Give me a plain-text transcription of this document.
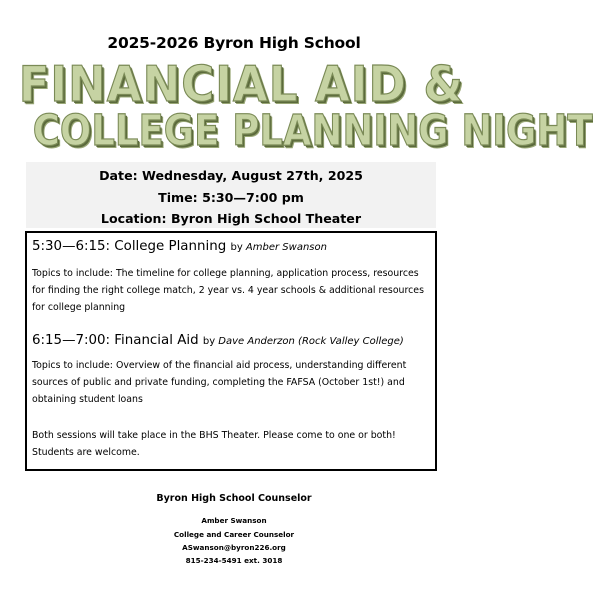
2025-2026 Byron High School
FINANCIAL AID &
COLLEGE PLANNING NIGHT
Date: Wednesday, August 27th, 2025
Time: 5:30—7:00 pm
Location: Byron High School Theater
5:30—6:15: College Planning by Amber Swanson
Topics to include: The timeline for college planning, application process, resources for finding the right college match, 2 year vs. 4 year schools & additional resources for college planning
6:15—7:00: Financial Aid by Dave Anderzon (Rock Valley College)
Topics to include: Overview of the financial aid process, understanding different sources of public and private funding, completing the FAFSA (October 1st!) and obtaining student loans
Both sessions will take place in the BHS Theater. Please come to one or both! Students are welcome.
Byron High School Counselor
Amber Swanson
College and Career Counselor
ASwanson@byron226.org
815-234-5491 ext. 3018
